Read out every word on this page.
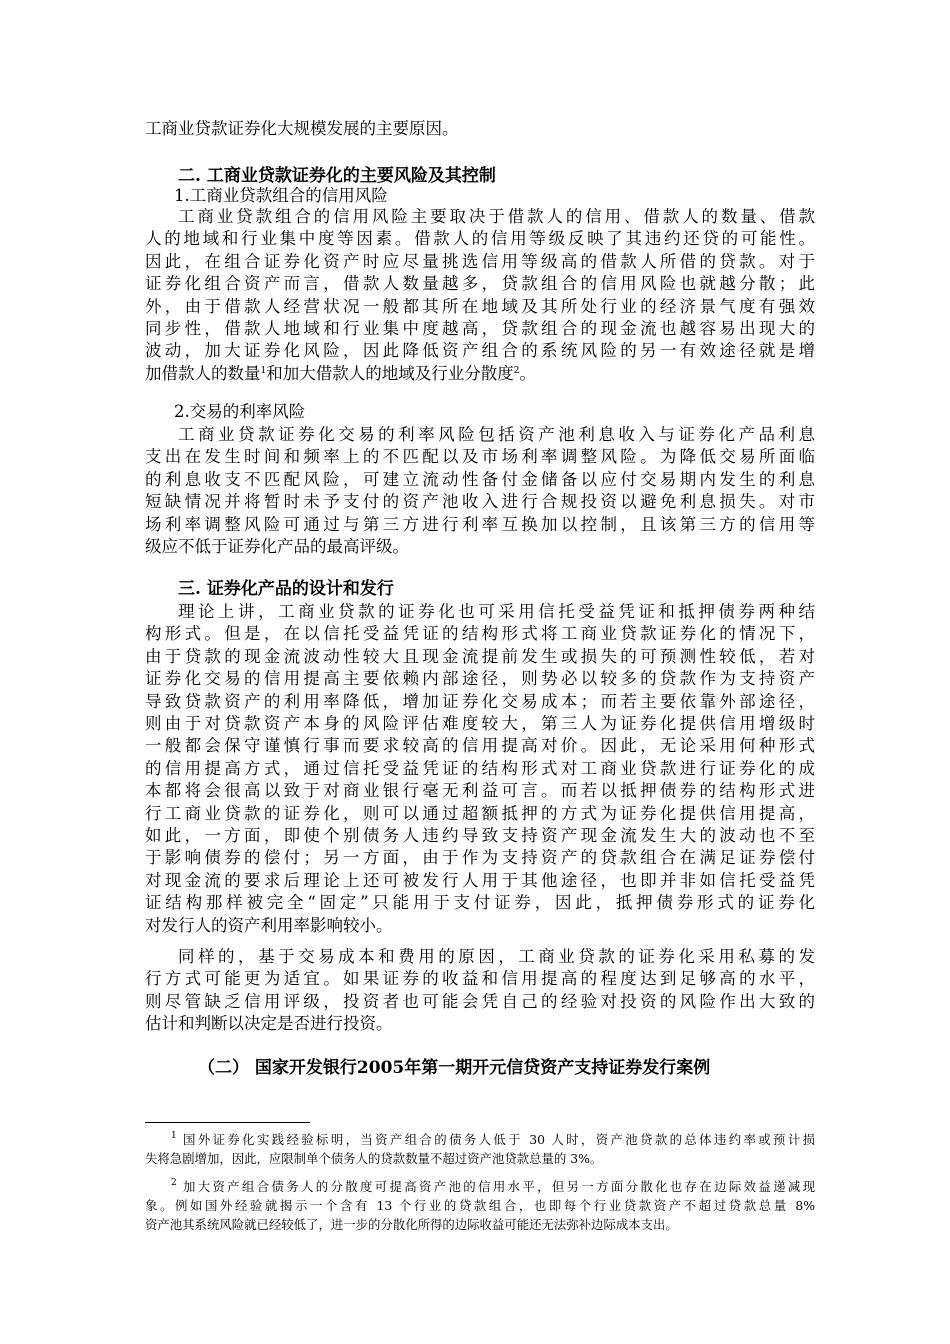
工商业贷款证券化大规模发展的主要原因。

二. 工商业贷款证券化的主要风险及其控制

1.工商业贷款组合的信用风险

工商业贷款组合的信用风险主要取决于借款人的信用、借款人的数量、借款
人的地域和行业集中度等因素。借款人的信用等级反映了其违约还贷的可能性。
因此，在组合证券化资产时应尽量挑选信用等级高的借款人所借的贷款。对于
证券化组合资产而言，借款人数量越多，贷款组合的信用风险也就越分散；此
外，由于借款人经营状况一般都其所在地域及其所处行业的经济景气度有强效
同步性，借款人地域和行业集中度越高，贷款组合的现金流也越容易出现大的
波动，加大证券化风险，因此降低资产组合的系统风险的另一有效途径就是增
加借款人的数量$^1$和加大借款人的地域及行业分散度$^2$。

2.交易的利率风险

工商业贷款证券化交易的利率风险包括资产池利息收入与证券化产品利息
支出在发生时间和频率上的不匹配以及市场利率调整风险。为降低交易所面临
的利息收支不匹配风险，可建立流动性备付金储备以应付交易期内发生的利息
短缺情况并将暂时未予支付的资产池收入进行合规投资以避免利息损失。对市
场利率调整风险可通过与第三方进行利率互换加以控制，且该第三方的信用等
级应不低于证券化产品的最高评级。

三. 证券化产品的设计和发行

理论上讲，工商业贷款的证券化也可采用信托受益凭证和抵押债券两种结
构形式。但是，在以信托受益凭证的结构形式将工商业贷款证券化的情况下，
由于贷款的现金流波动性较大且现金流提前发生或损失的可预测性较低，若对
证券化交易的信用提高主要依赖内部途径，则势必以较多的贷款作为支持资产
导致贷款资产的利用率降低，增加证券化交易成本；而若主要依靠外部途径，
则由于对贷款资产本身的风险评估难度较大，第三人为证券化提供信用增级时
一般都会保守谨慎行事而要求较高的信用提高对价。因此，无论采用何种形式
的信用提高方式，通过信托受益凭证的结构形式对工商业贷款进行证券化的成
本都将会很高以致于对商业银行毫无利益可言。而若以抵押债券的结构形式进
行工商业贷款的证券化，则可以通过超额抵押的方式为证券化提供信用提高，
如此，一方面，即使个别债务人违约导致支持资产现金流发生大的波动也不至
于影响债券的偿付；另一方面，由于作为支持资产的贷款组合在满足证券偿付
对现金流的要求后理论上还可被发行人用于其他途径，也即并非如信托受益凭
证结构那样被完全“固定”只能用于支付证券，因此，抵押债券形式的证券化
对发行人的资产利用率影响较小。

同样的，基于交易成本和费用的原因，工商业贷款的证券化采用私募的发
行方式可能更为适宜。如果证券的收益和信用提高的程度达到足够高的水平，
则尽管缺乏信用评级，投资者也可能会凭自己的经验对投资的风险作出大致的
估计和判断以决定是否进行投资。

（二） 国家开发银行2005年第一期开元信贷资产支持证券发行案例

$^1$ 国外证券化实践经验标明，当资产组合的债务人低于 30 人时，资产池贷款的总体违约率或预计损
失将急剧增加，因此，应限制单个债务人的贷款数量不超过资产池贷款总量的 3%。

$^2$ 加大资产组合债务人的分散度可提高资产池的信用水平，但另一方面分散化也存在边际效益递减现
象。例如国外经验就揭示一个含有 13 个行业的贷款组合，也即每个行业贷款资产不超过贷款总量 8%
资产池其系统风险就已经较低了，进一步的分散化所得的边际收益可能还无法弥补边际成本支出。
